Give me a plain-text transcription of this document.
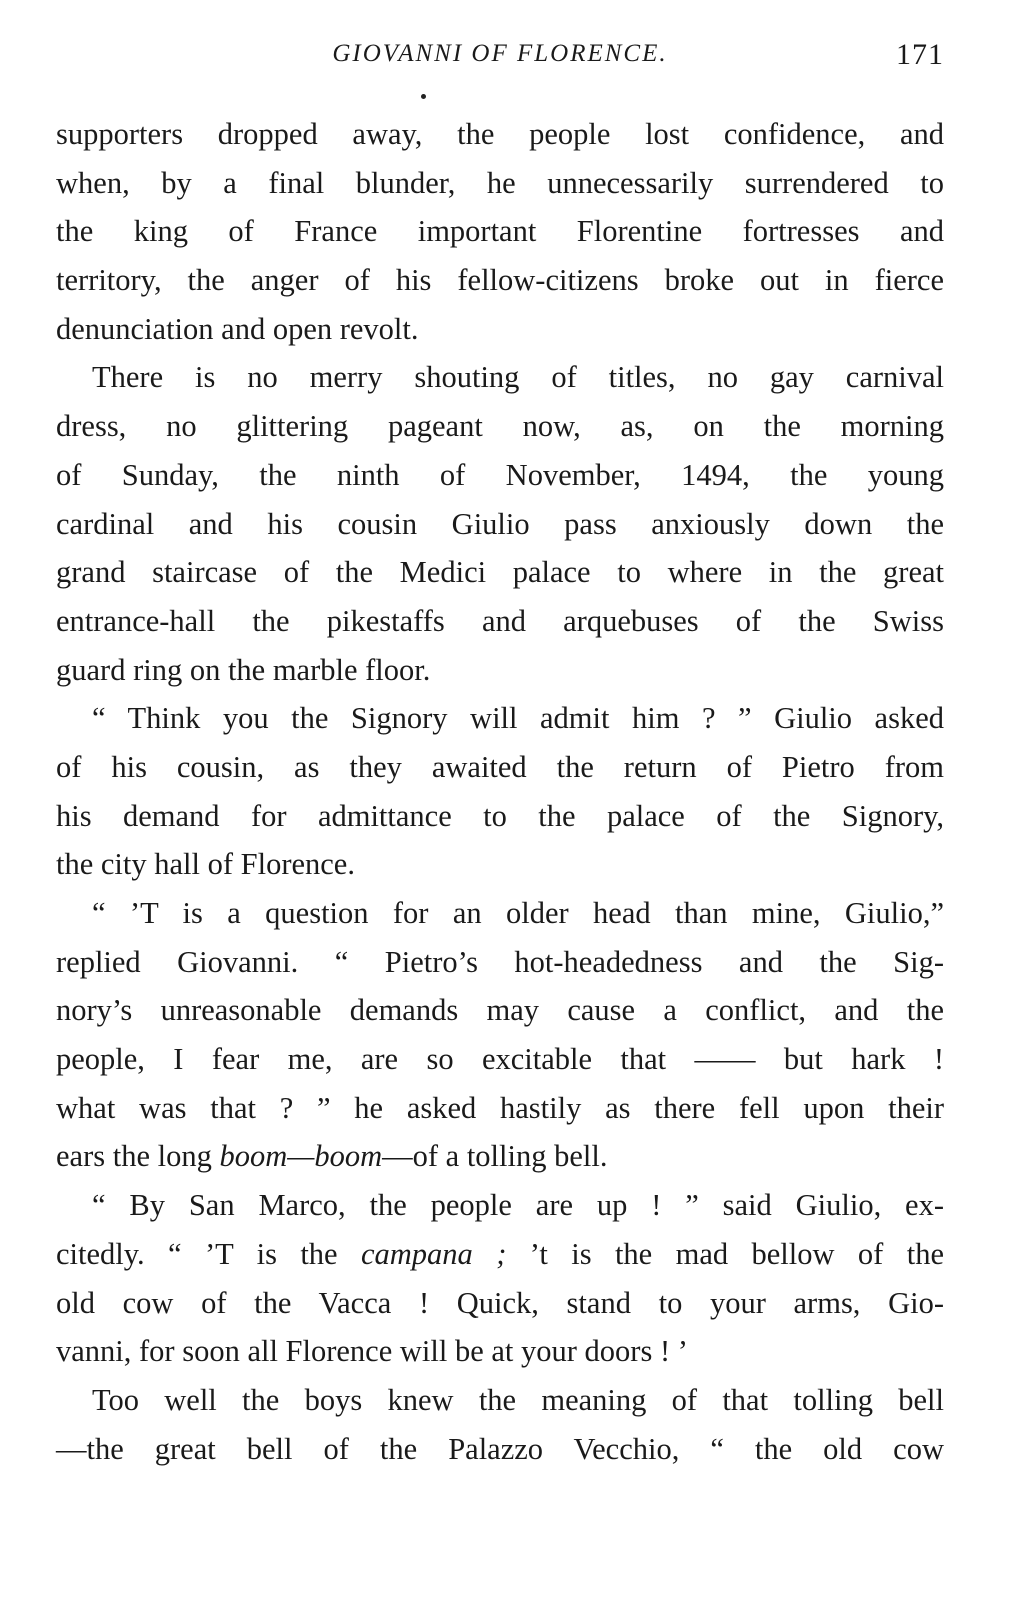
GIOVANNI OF FLORENCE.	171
supporters dropped away, the people lost confidence, and
when, by a final blunder, he unnecessarily surrendered to
the king of France important Florentine fortresses and
territory, the anger of his fellow-citizens broke out in fierce
denunciation and open revolt.
There is no merry shouting of titles, no gay carnival
dress, no glittering pageant now, as, on the morning
of Sunday, the ninth of November, 1494, the young
cardinal and his cousin Giulio pass anxiously down the
grand staircase of the Medici palace to where in the great
entrance-hall the pikestaffs and arquebuses of the Swiss
guard ring on the marble floor.
“ Think you the Signory will admit him ? ” Giulio asked
of his cousin, as they awaited the return of Pietro from
his demand for admittance to the palace of the Signory,
the city hall of Florence.
“ ’T is a question for an older head than mine, Giulio,”
replied Giovanni. “ Pietro’s hot-headedness and the Sig-
nory’s unreasonable demands may cause a conflict, and the
people, I fear me, are so excitable that —— but hark !
what was that ? ” he asked hastily as there fell upon their
ears the long boom—boom—of a tolling bell.
“ By San Marco, the people are up ! ” said Giulio, ex-
citedly. “ ’T is the campana ; ’t is the mad bellow of the
old cow of the Vacca ! Quick, stand to your arms, Gio-
vanni, for soon all Florence will be at your doors ! ’
Too well the boys knew the meaning of that tolling bell
—the great bell of the Palazzo Vecchio, “ the old cow
